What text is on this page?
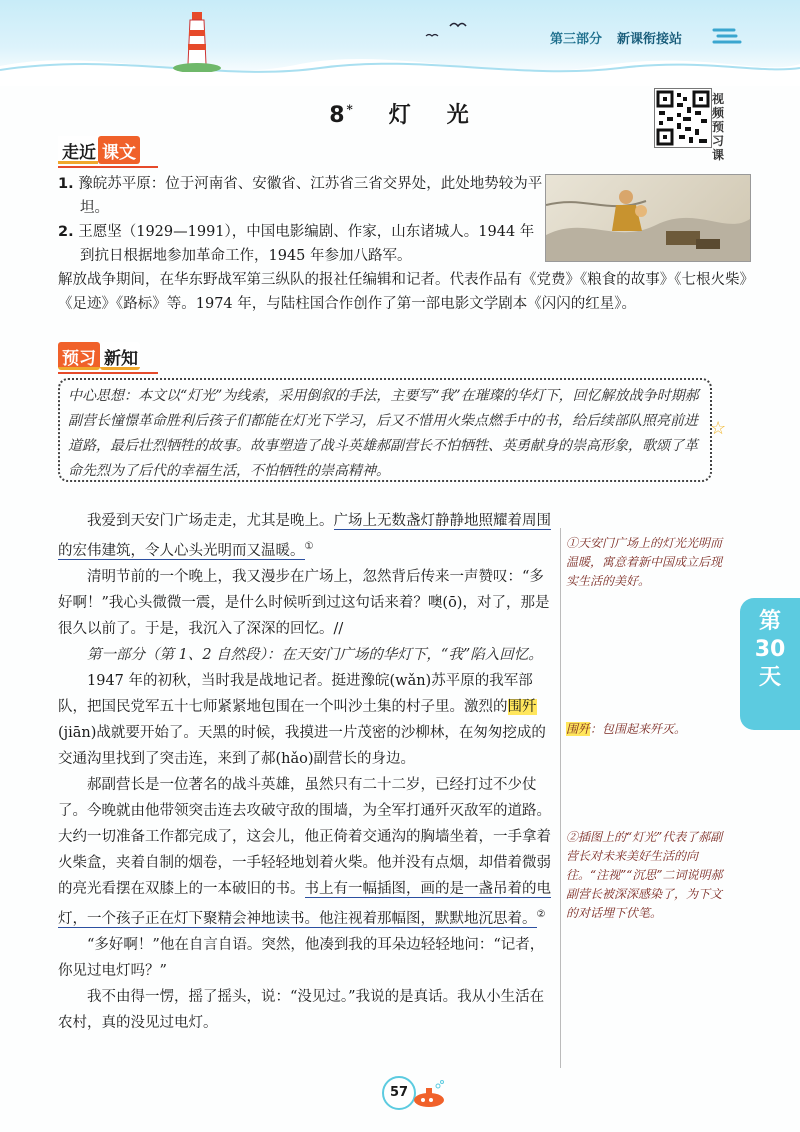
第三部分 新课衔接站
8* 灯 光
视频预习课
走近 课文

1. 豫皖苏平原：位于河南省、安徽省、江苏省三省交界处，此处地势较为平坦。

2. 王愿坚（1929—1991），中国电影编剧、作家，山东诸城人。1944 年到抗日根据地参加革命工作，1945 年参加八路军。

解放战争期间，在华东野战军第三纵队的报社任编辑和记者。代表作品有《党费》《粮食的故事》《七根火柴》《足迹》《路标》等。1974 年，与陆柱国合作创作了第一部电影文学剧本《闪闪的红星》。
预习 新知
中心思想：本文以“灯光”为线索，采用倒叙的手法，主要写“我”在璀璨的华灯下，回忆解放战争时期郝副营长憧憬革命胜利后孩子们都能在灯光下学习，后又不惜用火柴点燃手中的书，给后续部队照亮前进道路，最后壮烈牺牲的故事。故事塑造了战斗英雄郝副营长不怕牺牲、英勇献身的崇高形象，歌颂了革命先烈为了后代的幸福生活，不怕牺牲的崇高精神。
☆

我爱到天安门广场走走，尤其是晚上。广场上无数盏灯静静地照耀着周围的宏伟建筑，令人心头光明而又温暖。①

清明节前的一个晚上，我又漫步在广场上，忽然背后传来一声赞叹：“多好啊！”我心头微微一震，是什么时候听到过这句话来着？噢(ō)，对了，那是很久以前了。于是，我沉入了深深的回忆。//

第一部分（第 1、2 自然段）：在天安门广场的华灯下，“我”陷入回忆。

1947 年的初秋，当时我是战地记者。挺进豫皖(wǎn)苏平原的我军部队，把国民党军五十七师紧紧地包围在一个叫沙土集的村子里。激烈的围歼(jiān)战就要开始了。天黑的时候，我摸进一片茂密的沙柳林，在匆匆挖成的交通沟里找到了突击连，来到了郝(hǎo)副营长的身边。

郝副营长是一位著名的战斗英雄，虽然只有二十二岁，已经打过不少仗了。今晚就由他带领突击连去攻破守敌的围墙，为全军打通歼灭敌军的道路。大约一切准备工作都完成了，这会儿，他正倚着交通沟的胸墙坐着，一手拿着火柴盒，夹着自制的烟卷，一手轻轻地划着火柴。他并没有点烟，却借着微弱的亮光看摆在双膝上的一本破旧的书。书上有一幅插图，画的是一盏吊着的电灯，一个孩子正在灯下聚精会神地读书。他注视着那幅图，默默地沉思着。②

“多好啊！”他在自言自语。突然，他凑到我的耳朵边轻轻地问：“记者，你见过电灯吗？”

我不由得一愣，摇了摇头，说：“没见过。”我说的是真话。我从小生活在农村，真的没见过电灯。

①天安门广场上的灯光光明而温暖，寓意着新中国成立后现实生活的美好。
围歼：包围起来歼灭。
②插图上的“灯光”代表了郝副营长对未来美好生活的向往。“注视”“沉思”二词说明郝副营长被深深感染了，为下文的对话埋下伏笔。
第30天
57
